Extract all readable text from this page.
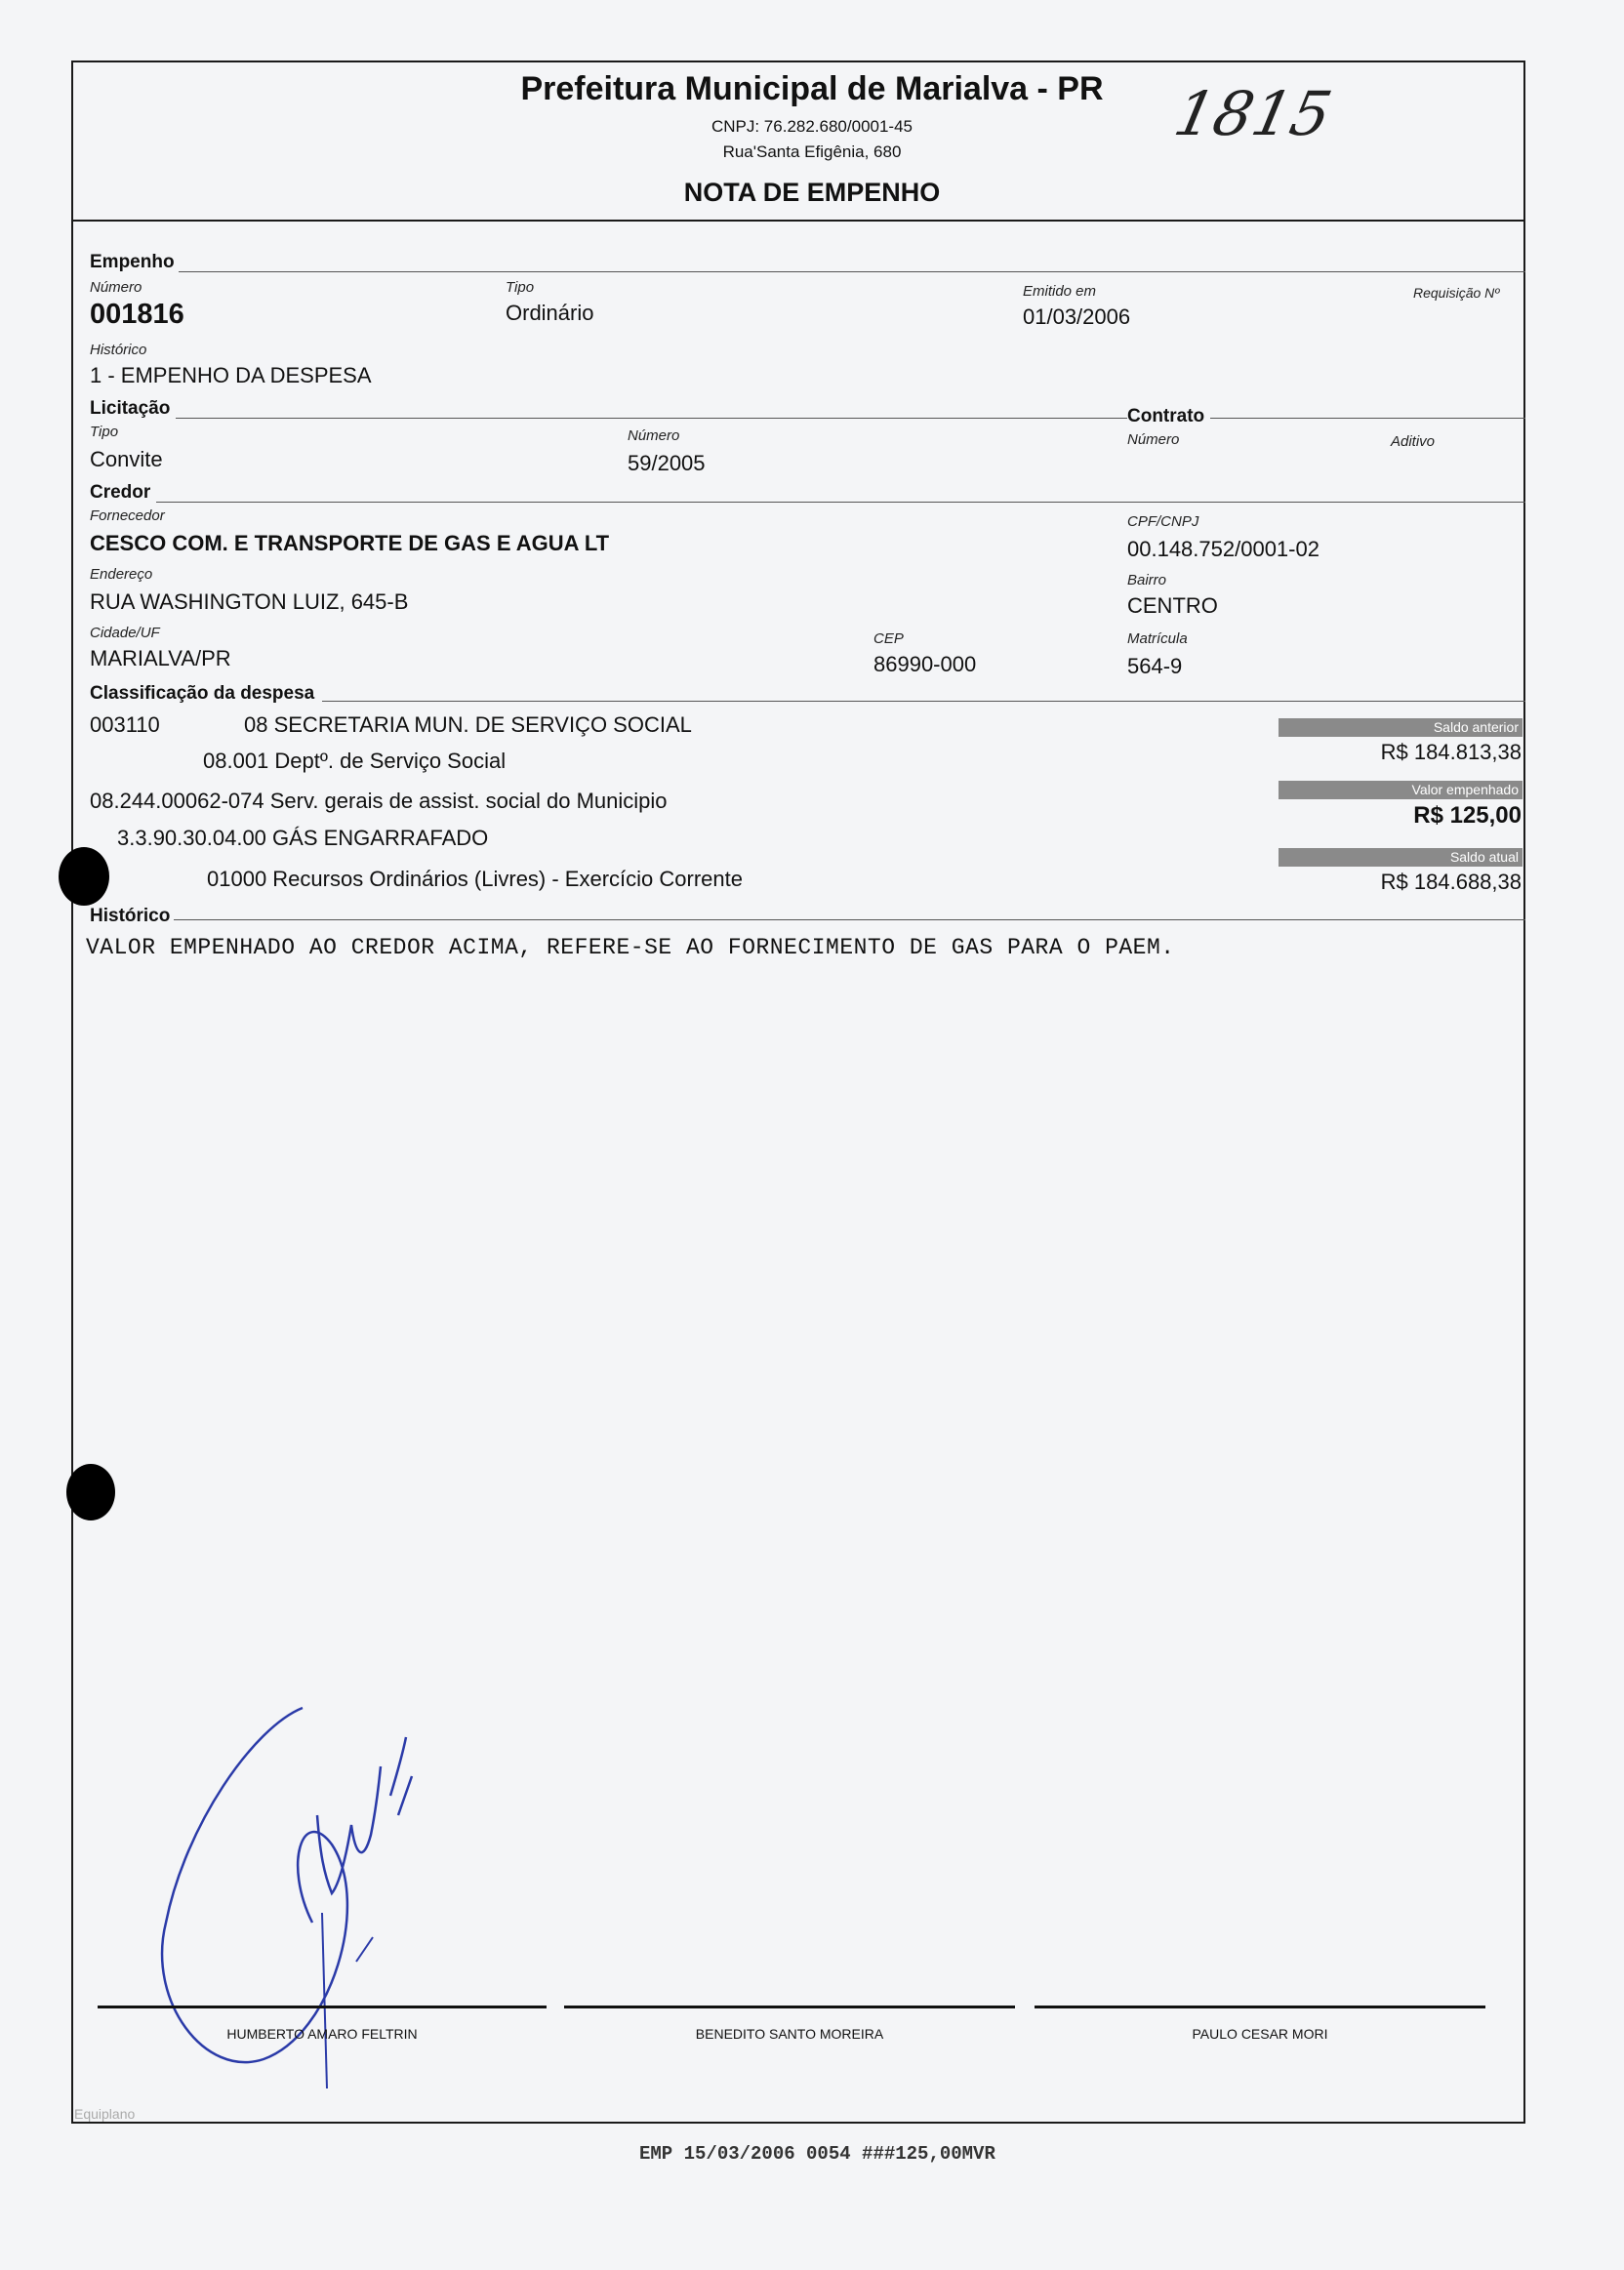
Prefeitura Municipal de Marialva - PR
CNPJ: 76.282.680/0001-45
Rua'Santa Efigênia, 680
NOTA DE EMPENHO
1815
Empenho
Número
001816
Tipo
Ordinário
Emitido em
01/03/2006
Requisição Nº
Histórico
1 - EMPENHO DA DESPESA
Licitação
Tipo
Convite
Número
59/2005
Contrato
Número	Aditivo
Credor
Fornecedor
CESCO COM. E TRANSPORTE DE GAS E AGUA LT
CPF/CNPJ
00.148.752/0001-02
Endereço
RUA WASHINGTON LUIZ, 645-B
Bairro
CENTRO
Cidade/UF
MARIALVA/PR
CEP
86990-000
Matrícula
564-9
Classificação da despesa
003110	08 SECRETARIA MUN. DE SERVIÇO SOCIAL
08.001 Deptº. de Serviço Social
08.244.00062-074 Serv. gerais de assist. social do Municipio
3.3.90.30.04.00 GÁS ENGARRAFADO
01000 Recursos Ordinários (Livres) - Exercício Corrente
Saldo anterior
R$ 184.813,38
Valor empenhado
R$ 125,00
Saldo atual
R$ 184.688,38
Histórico
VALOR EMPENHADO AO CREDOR ACIMA, REFERE-SE AO FORNECIMENTO DE GAS PARA O PAEM.
HUMBERTO AMARO FELTRIN	BENEDITO SANTO MOREIRA	PAULO CESAR MORI
Equiplano
EMP 15/03/2006 0054 ###125,00MVR
